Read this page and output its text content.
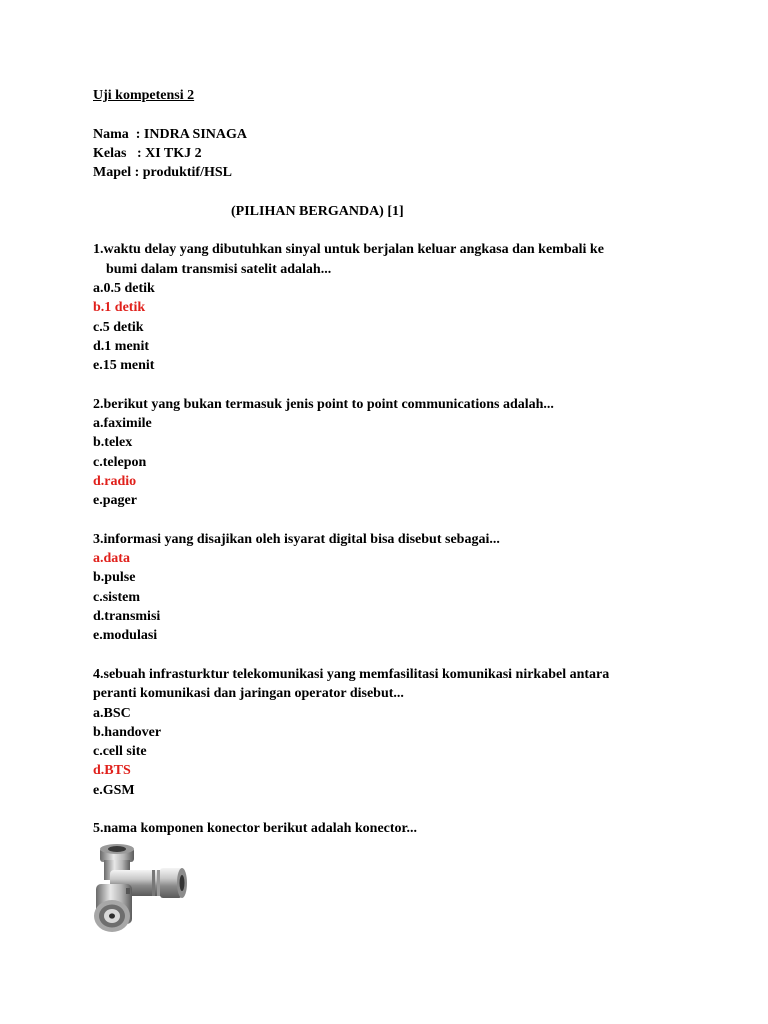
Uji kompetensi 2
Nama  : INDRA SINAGA
Kelas   : XI TKJ 2
Mapel : produktif/HSL
(PILIHAN BERGANDA) [1]
1.waktu delay yang dibutuhkan sinyal untuk berjalan keluar angkasa dan kembali ke
bumi dalam transmisi satelit adalah...
a.0.5 detik
b.1 detik
c.5 detik
d.1 menit
e.15 menit
2.berikut yang bukan termasuk jenis point to point communications adalah...
a.faximile
b.telex
c.telepon
d.radio
e.pager
3.informasi yang disajikan oleh isyarat digital bisa disebut sebagai...
a.data
b.pulse
c.sistem
d.transmisi
e.modulasi
4.sebuah infrasturktur telekomunikasi yang memfasilitasi komunikasi nirkabel antara
peranti komunikasi dan jaringan operator disebut...
a.BSC
b.handover
c.cell site
d.BTS
e.GSM
5.nama komponen konector berikut adalah konector...
